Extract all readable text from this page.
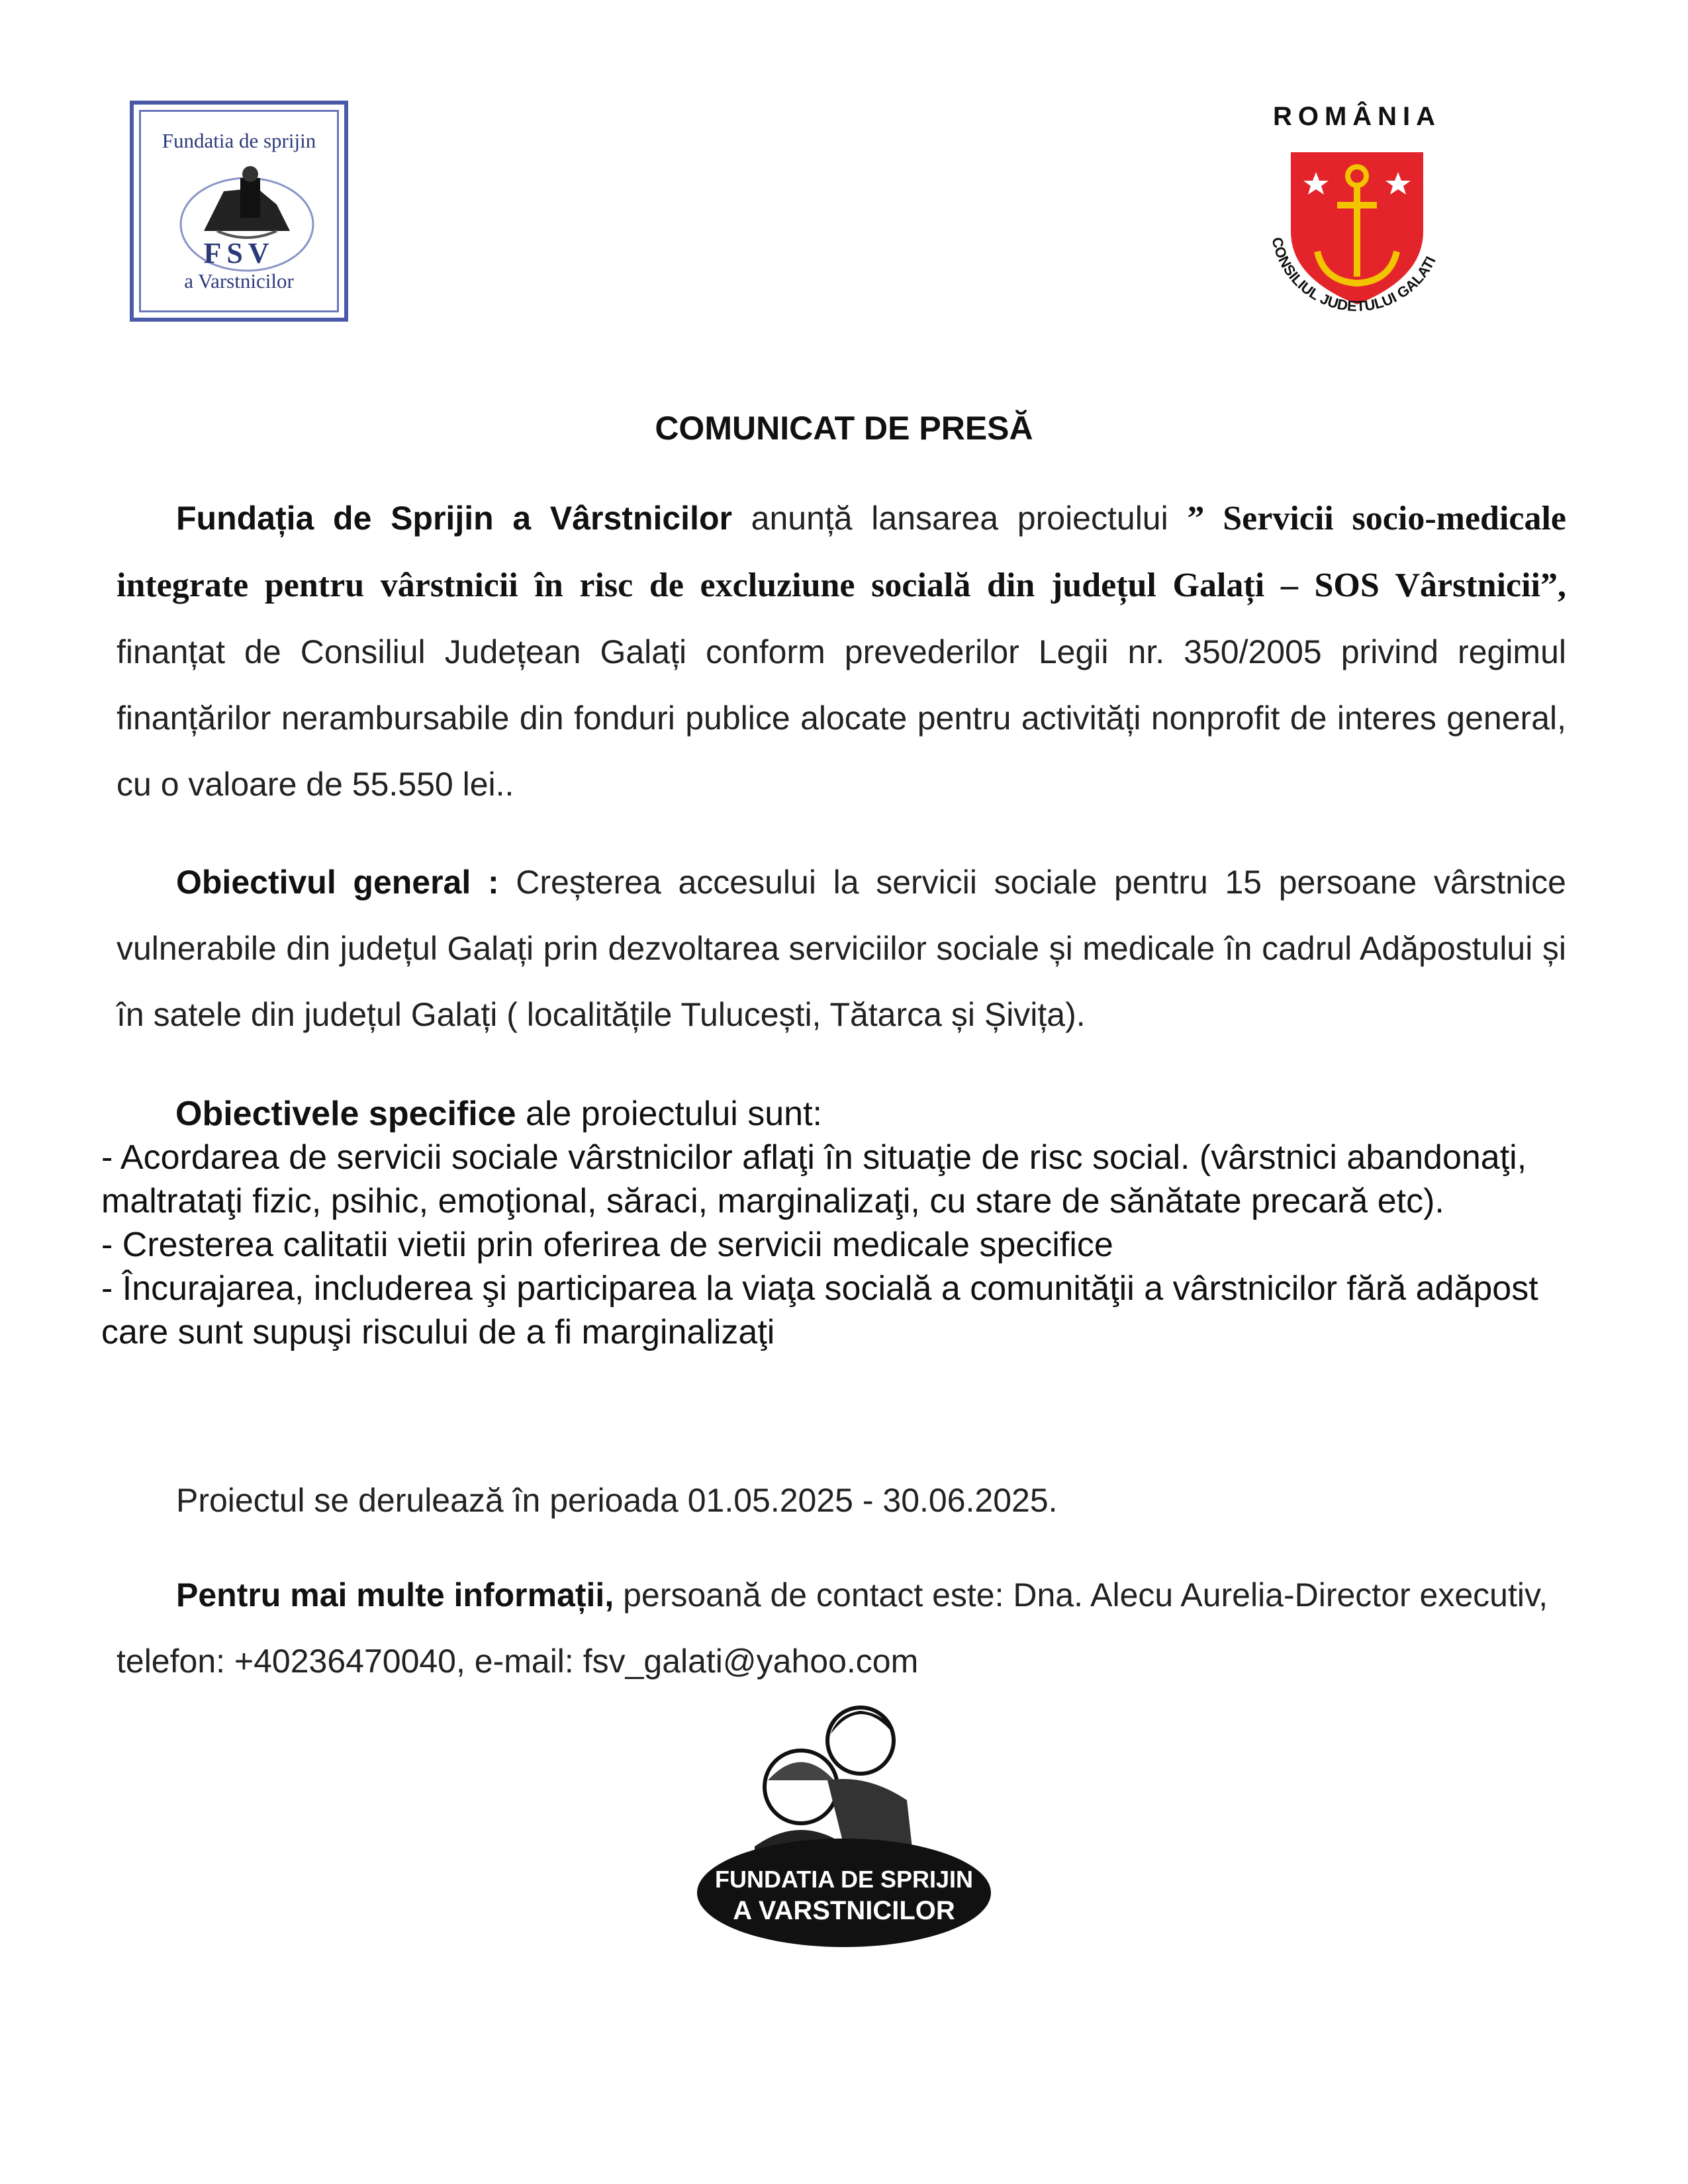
Fundatia de sprijin
FSV
a Varstnicilor
ROMÂNIA
CONSILIUL JUDETULUI GALATI
COMUNICAT DE PRESĂ
Fundația de Sprijin a Vârstnicilor anunță lansarea proiectului ” Servicii socio-medicale integrate pentru vârstnicii în risc de excluziune socială din județul Galați – SOS Vârstnicii”, finanțat de Consiliul Județean Galați conform prevederilor Legii nr. 350/2005 privind regimul finanțărilor nerambursabile din fonduri publice alocate pentru activități nonprofit de interes general, cu o valoare de 55.550 lei..
Obiectivul general : Creșterea accesului la servicii sociale pentru 15 persoane vârstnice vulnerabile din județul Galați prin dezvoltarea serviciilor sociale și medicale în cadrul Adăpostului și în satele din județul Galați ( localitățile Tulucești, Tătarca și Șivița).
Obiectivele specifice ale proiectului sunt:
- Acordarea de servicii sociale vârstnicilor aflaţi în situaţie de risc social. (vârstnici abandonaţi, maltrataţi fizic, psihic, emoţional, săraci, marginalizaţi, cu stare de sănătate precară etc).
- Cresterea calitatii vietii prin oferirea de servicii medicale specifice
- Încurajarea, includerea şi participarea la viaţa socială a comunităţii a vârstnicilor fără adăpost care sunt supuşi riscului de a fi marginalizaţi
Proiectul se derulează în perioada 01.05.2025 - 30.06.2025.
Pentru mai multe informații, persoană de contact este: Dna. Alecu Aurelia-Director executiv, telefon: +40236470040, e-mail: fsv_galati@yahoo.com
FUNDATIA DE SPRIJIN
A VARSTNICILOR
